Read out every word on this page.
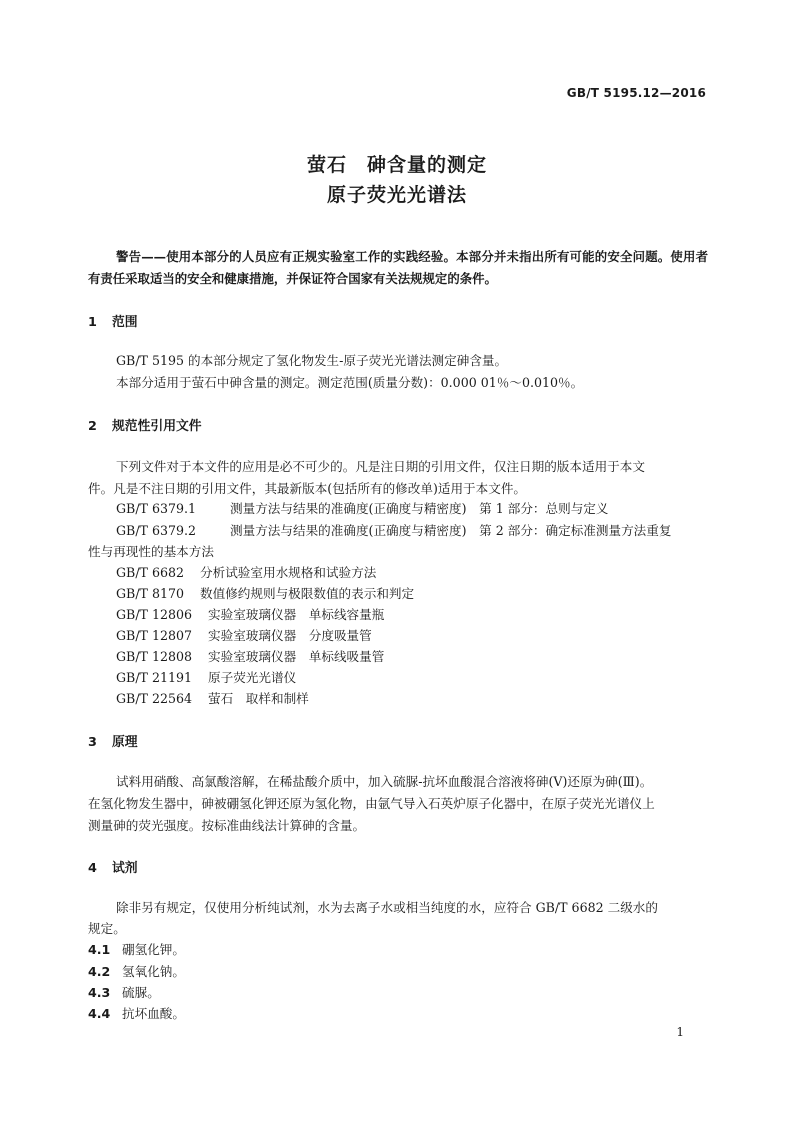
GB/T 5195.12—2016
萤石　砷含量的测定
原子荧光光谱法

警告——使用本部分的人员应有正规实验室工作的实践经验。本部分并未指出所有可能的安全问题。使用者有责任采取适当的安全和健康措施，并保证符合国家有关法规规定的条件。

1 范围
GB/T 5195 的本部分规定了氢化物发生-原子荧光光谱法测定砷含量。
本部分适用于萤石中砷含量的测定。测定范围(质量分数)：0.000 01％～0.010％。
2 规范性引用文件
下列文件对于本文件的应用是必不可少的。凡是注日期的引用文件，仅注日期的版本适用于本文
件。凡是不注日期的引用文件，其最新版本(包括所有的修改单)适用于本文件。
GB/T 6379.1	测量方法与结果的准确度(正确度与精密度)　第 1 部分：总则与定义
GB/T 6379.2	测量方法与结果的准确度(正确度与精密度)　第 2 部分：确定标准测量方法重复
性与再现性的基本方法
GB/T 6682 分析试验室用水规格和试验方法
GB/T 8170 数值修约规则与极限数值的表示和判定
GB/T 12806 实验室玻璃仪器　单标线容量瓶
GB/T 12807 实验室玻璃仪器　分度吸量管
GB/T 12808 实验室玻璃仪器　单标线吸量管
GB/T 21191 原子荧光光谱仪
GB/T 22564 萤石　取样和制样
3 原理
试料用硝酸、高氯酸溶解，在稀盐酸介质中，加入硫脲-抗坏血酸混合溶液将砷(Ⅴ)还原为砷(Ⅲ)。
在氢化物发生器中，砷被硼氢化钾还原为氢化物，由氩气导入石英炉原子化器中，在原子荧光光谱仪上
测量砷的荧光强度。按标准曲线法计算砷的含量。
4 试剂
除非另有规定，仅使用分析纯试剂，水为去离子水或相当纯度的水，应符合 GB/T 6682 二级水的
规定。
4.1 硼氢化钾。
4.2 氢氧化钠。
4.3 硫脲。
4.4 抗坏血酸。
1
